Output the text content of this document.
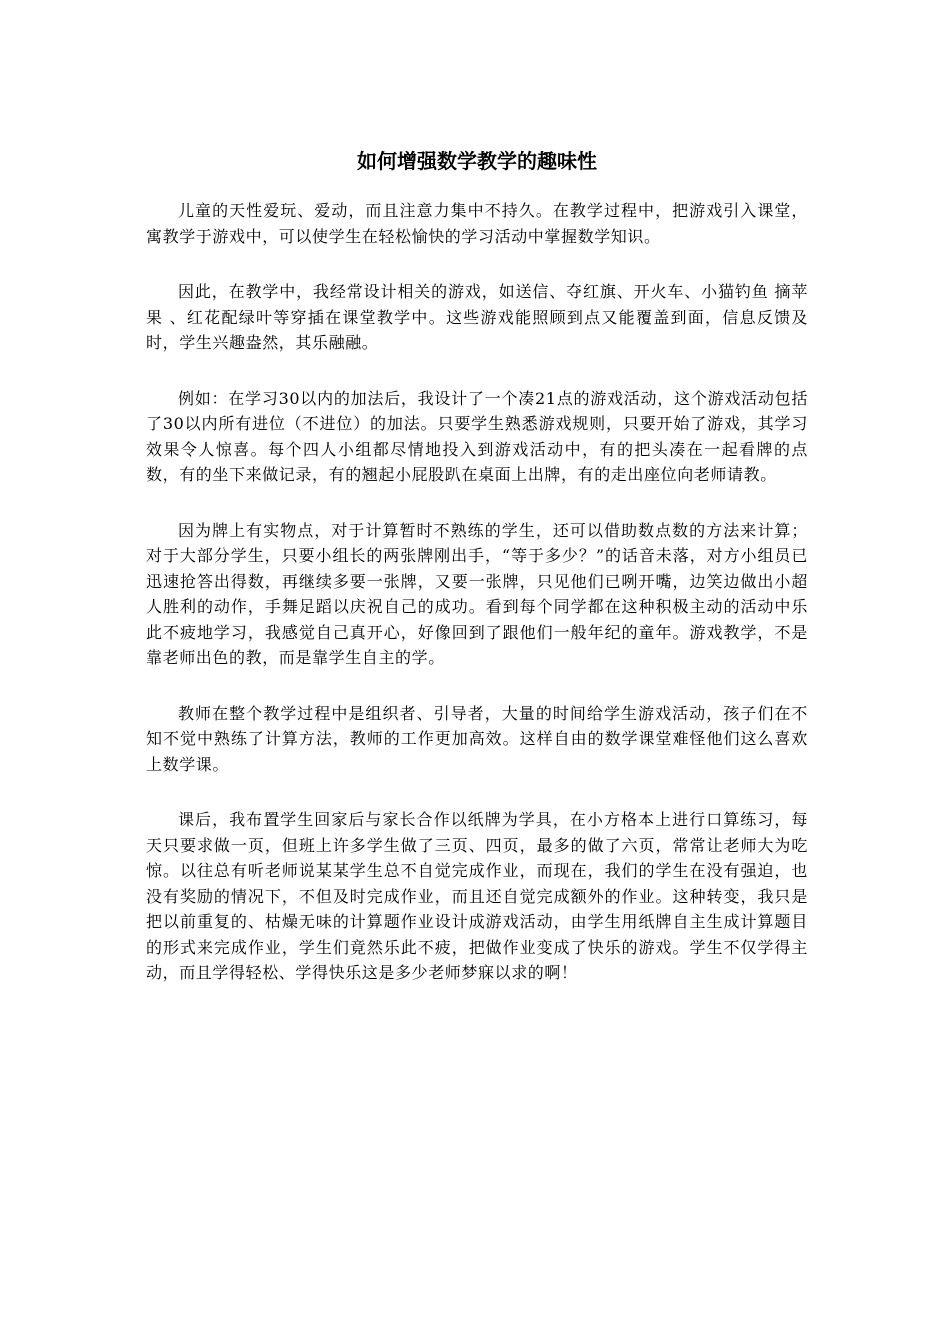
如何增强数学教学的趣味性

儿童的天性爱玩、爱动，而且注意力集中不持久。在教学过程中，把游戏引入课堂，寓教学于游戏中，可以使学生在轻松愉快的学习活动中掌握数学知识。

因此，在教学中，我经常设计相关的游戏，如送信、夺红旗、开火车、小猫钓鱼 摘苹果 、红花配绿叶等穿插在课堂教学中。这些游戏能照顾到点又能覆盖到面，信息反馈及时，学生兴趣盎然，其乐融融。

例如：在学习30以内的加法后，我设计了一个凑21点的游戏活动，这个游戏活动包括了30以内所有进位（不进位）的加法。只要学生熟悉游戏规则，只要开始了游戏，其学习效果令人惊喜。每个四人小组都尽情地投入到游戏活动中，有的把头凑在一起看牌的点数，有的坐下来做记录，有的翘起小屁股趴在桌面上出牌，有的走出座位向老师请教。

因为牌上有实物点，对于计算暂时不熟练的学生，还可以借助数点数的方法来计算；对于大部分学生，只要小组长的两张牌刚出手，“等于多少？”的话音未落，对方小组员已迅速抢答出得数，再继续多要一张牌，又要一张牌，只见他们已咧开嘴，边笑边做出小超人胜利的动作，手舞足蹈以庆祝自己的成功。看到每个同学都在这种积极主动的活动中乐此不疲地学习，我感觉自己真开心，好像回到了跟他们一般年纪的童年。游戏教学，不是靠老师出色的教，而是靠学生自主的学。

教师在整个教学过程中是组织者、引导者，大量的时间给学生游戏活动，孩子们在不知不觉中熟练了计算方法，教师的工作更加高效。这样自由的数学课堂难怪他们这么喜欢上数学课。

课后，我布置学生回家后与家长合作以纸牌为学具，在小方格本上进行口算练习，每天只要求做一页，但班上许多学生做了三页、四页，最多的做了六页，常常让老师大为吃惊。以往总有听老师说某某学生总不自觉完成作业，而现在，我们的学生在没有强迫，也没有奖励的情况下，不但及时完成作业，而且还自觉完成额外的作业。这种转变，我只是把以前重复的、枯燥无味的计算题作业设计成游戏活动，由学生用纸牌自主生成计算题目的形式来完成作业，学生们竟然乐此不疲，把做作业变成了快乐的游戏。学生不仅学得主动，而且学得轻松、学得快乐这是多少老师梦寐以求的啊！
